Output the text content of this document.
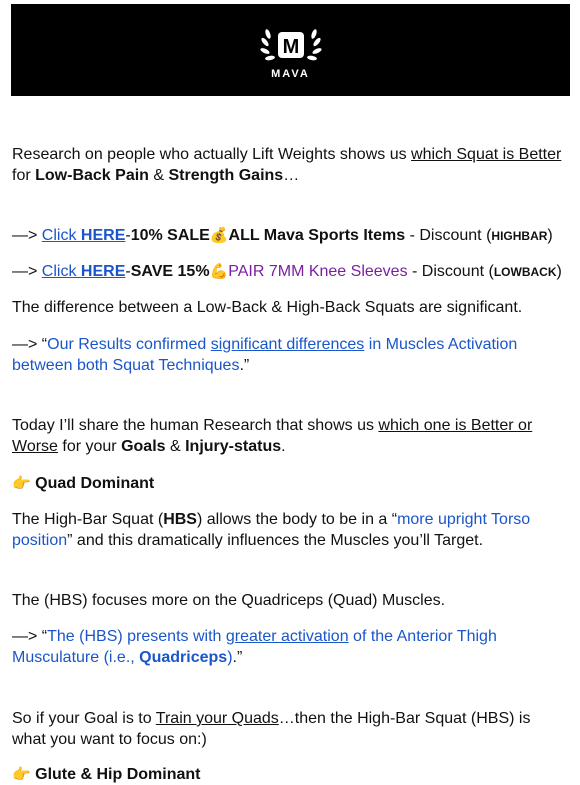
M
MAVA

Research on people who actually Lift Weights shows us which Squat is Better for Low-Back Pain & Strength Gains…

—> Click HERE-10% SALE💰ALL Mava Sports Items - Discount (HIGHBAR)

—> Click HERE-SAVE 15%💪PAIR 7MM Knee Sleeves - Discount (LOWBACK)

The difference between a Low-Back & High-Back Squats are significant.

—> “Our Results confirmed significant differences in Muscles Activation between both Squat Techniques.”

Today I’ll share the human Research that shows us which one is Better or Worse for your Goals & Injury-status.

👉 Quad Dominant

The High-Bar Squat (HBS) allows the body to be in a “more upright Torso position” and this dramatically influences the Muscles you’ll Target.

The (HBS) focuses more on the Quadriceps (Quad) Muscles.

—> “The (HBS) presents with greater activation of the Anterior Thigh Musculature (i.e., Quadriceps).”

So if your Goal is to Train your Quads…then the High-Bar Squat (HBS) is what you want to focus on:)

👉 Glute & Hip Dominant
